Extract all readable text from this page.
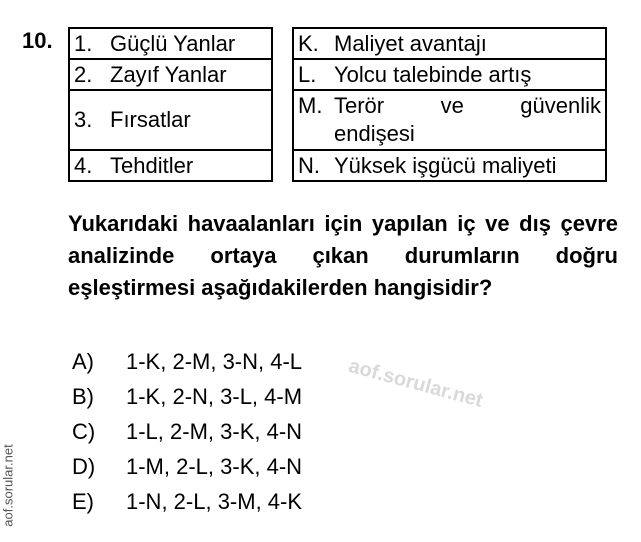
10. 1. Güçlü Yanlar
2. Zayıf Yanlar
3. Fırsatlar
4. Tehditler
K. Maliyet avantajı
L. Yolcu talebinde artış

M. Terör	ve	güvenlik
endişesi

N. Yüksek işgücü maliyeti
Yukarıdaki havaalanları için yapılan iç ve dış çevre analizinde ortaya çıkan durumların doğru eşleştirmesi aşağıdakilerden hangisidir?
aof.sorular.net
aof.sorular.net
A)	1-K, 2-M, 3-N, 4-L
B)	1-K, 2-N, 3-L, 4-M
C)	1-L, 2-M, 3-K, 4-N
D)	1-M, 2-L, 3-K, 4-N
E)	1-N, 2-L, 3-M, 4-K
